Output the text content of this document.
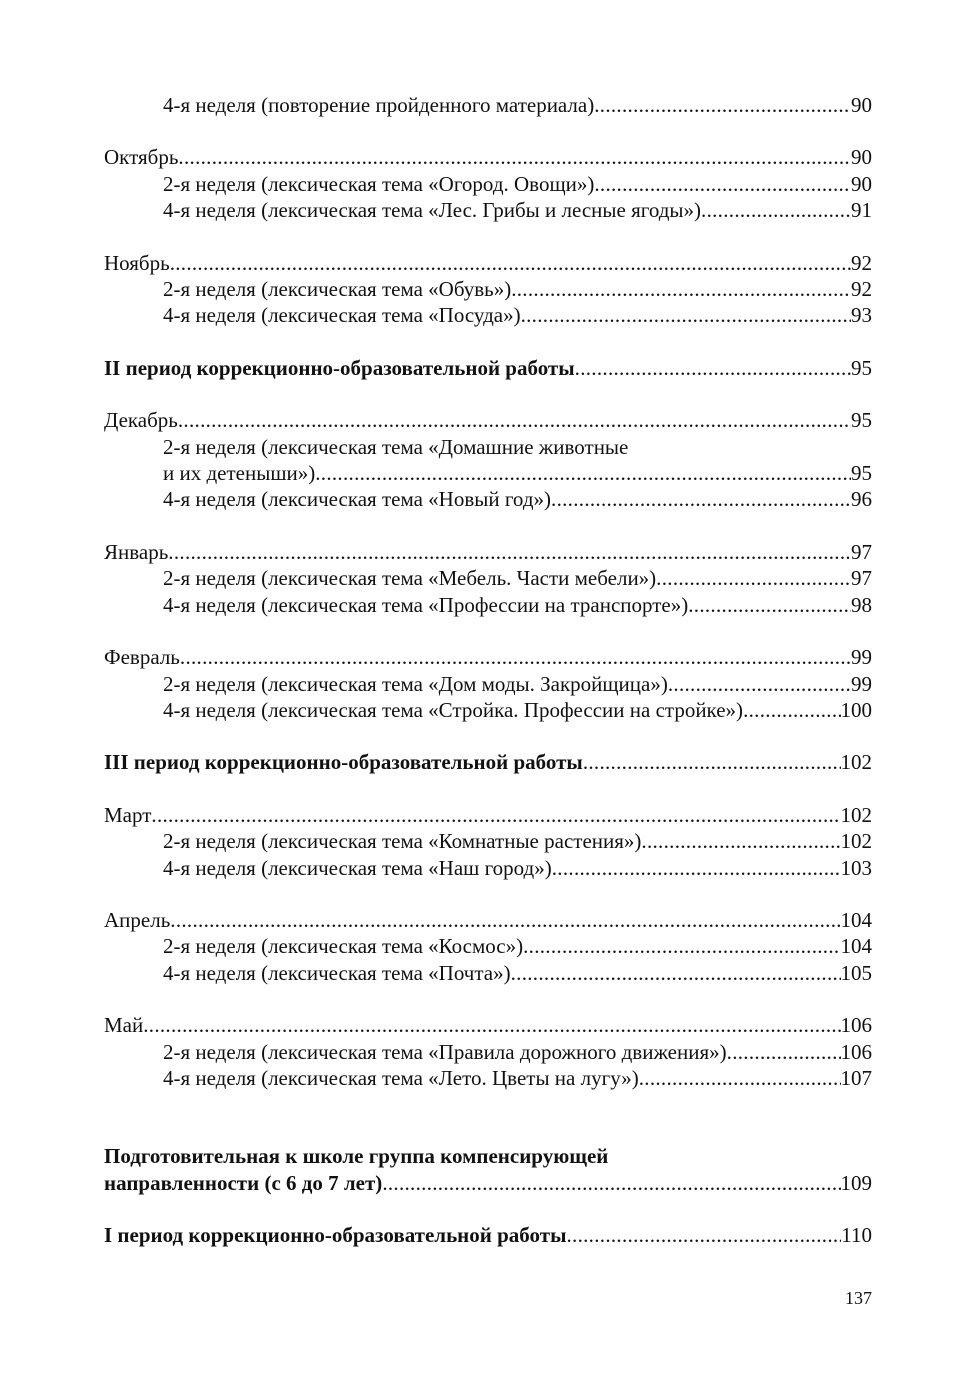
4-я неделя (повторение пройденного материала) .....	90
Октябрь .....	90
2-я неделя (лексическая тема «Огород. Овощи») .....	90
4-я неделя (лексическая тема «Лес. Грибы и лесные ягоды») .....	91
Ноябрь .....	92
2-я неделя (лексическая тема «Обувь») .....	92
4-я неделя (лексическая тема «Посуда») .....	93
II период коррекционно-образовательной работы .....	95
Декабрь .....	95
2-я неделя (лексическая тема «Домашние животные
и их детеныши») .....	95
4-я неделя (лексическая тема «Новый год») .....	96
Январь .....	97
2-я неделя (лексическая тема «Мебель. Части мебели») .....	97
4-я неделя (лексическая тема «Профессии на транспорте») .....	98
Февраль .....	99
2-я неделя (лексическая тема «Дом моды. Закройщица») .....	99
4-я неделя (лексическая тема «Стройка. Профессии на стройке») .....	100
III период коррекционно-образовательной работы .....	102
Март .....	102
2-я неделя (лексическая тема «Комнатные растения») .....	102
4-я неделя (лексическая тема «Наш город») .....	103
Апрель .....	104
2-я неделя (лексическая тема «Космос») .....	104
4-я неделя (лексическая тема «Почта») .....	105
Май .....	106
2-я неделя (лексическая тема «Правила дорожного движения») .....	106
4-я неделя (лексическая тема «Лето. Цветы на лугу») .....	107
Подготовительная к школе группа компенсирующей
направленности (с 6 до 7 лет) .....	109
I период коррекционно-образовательной работы .....	110
137
